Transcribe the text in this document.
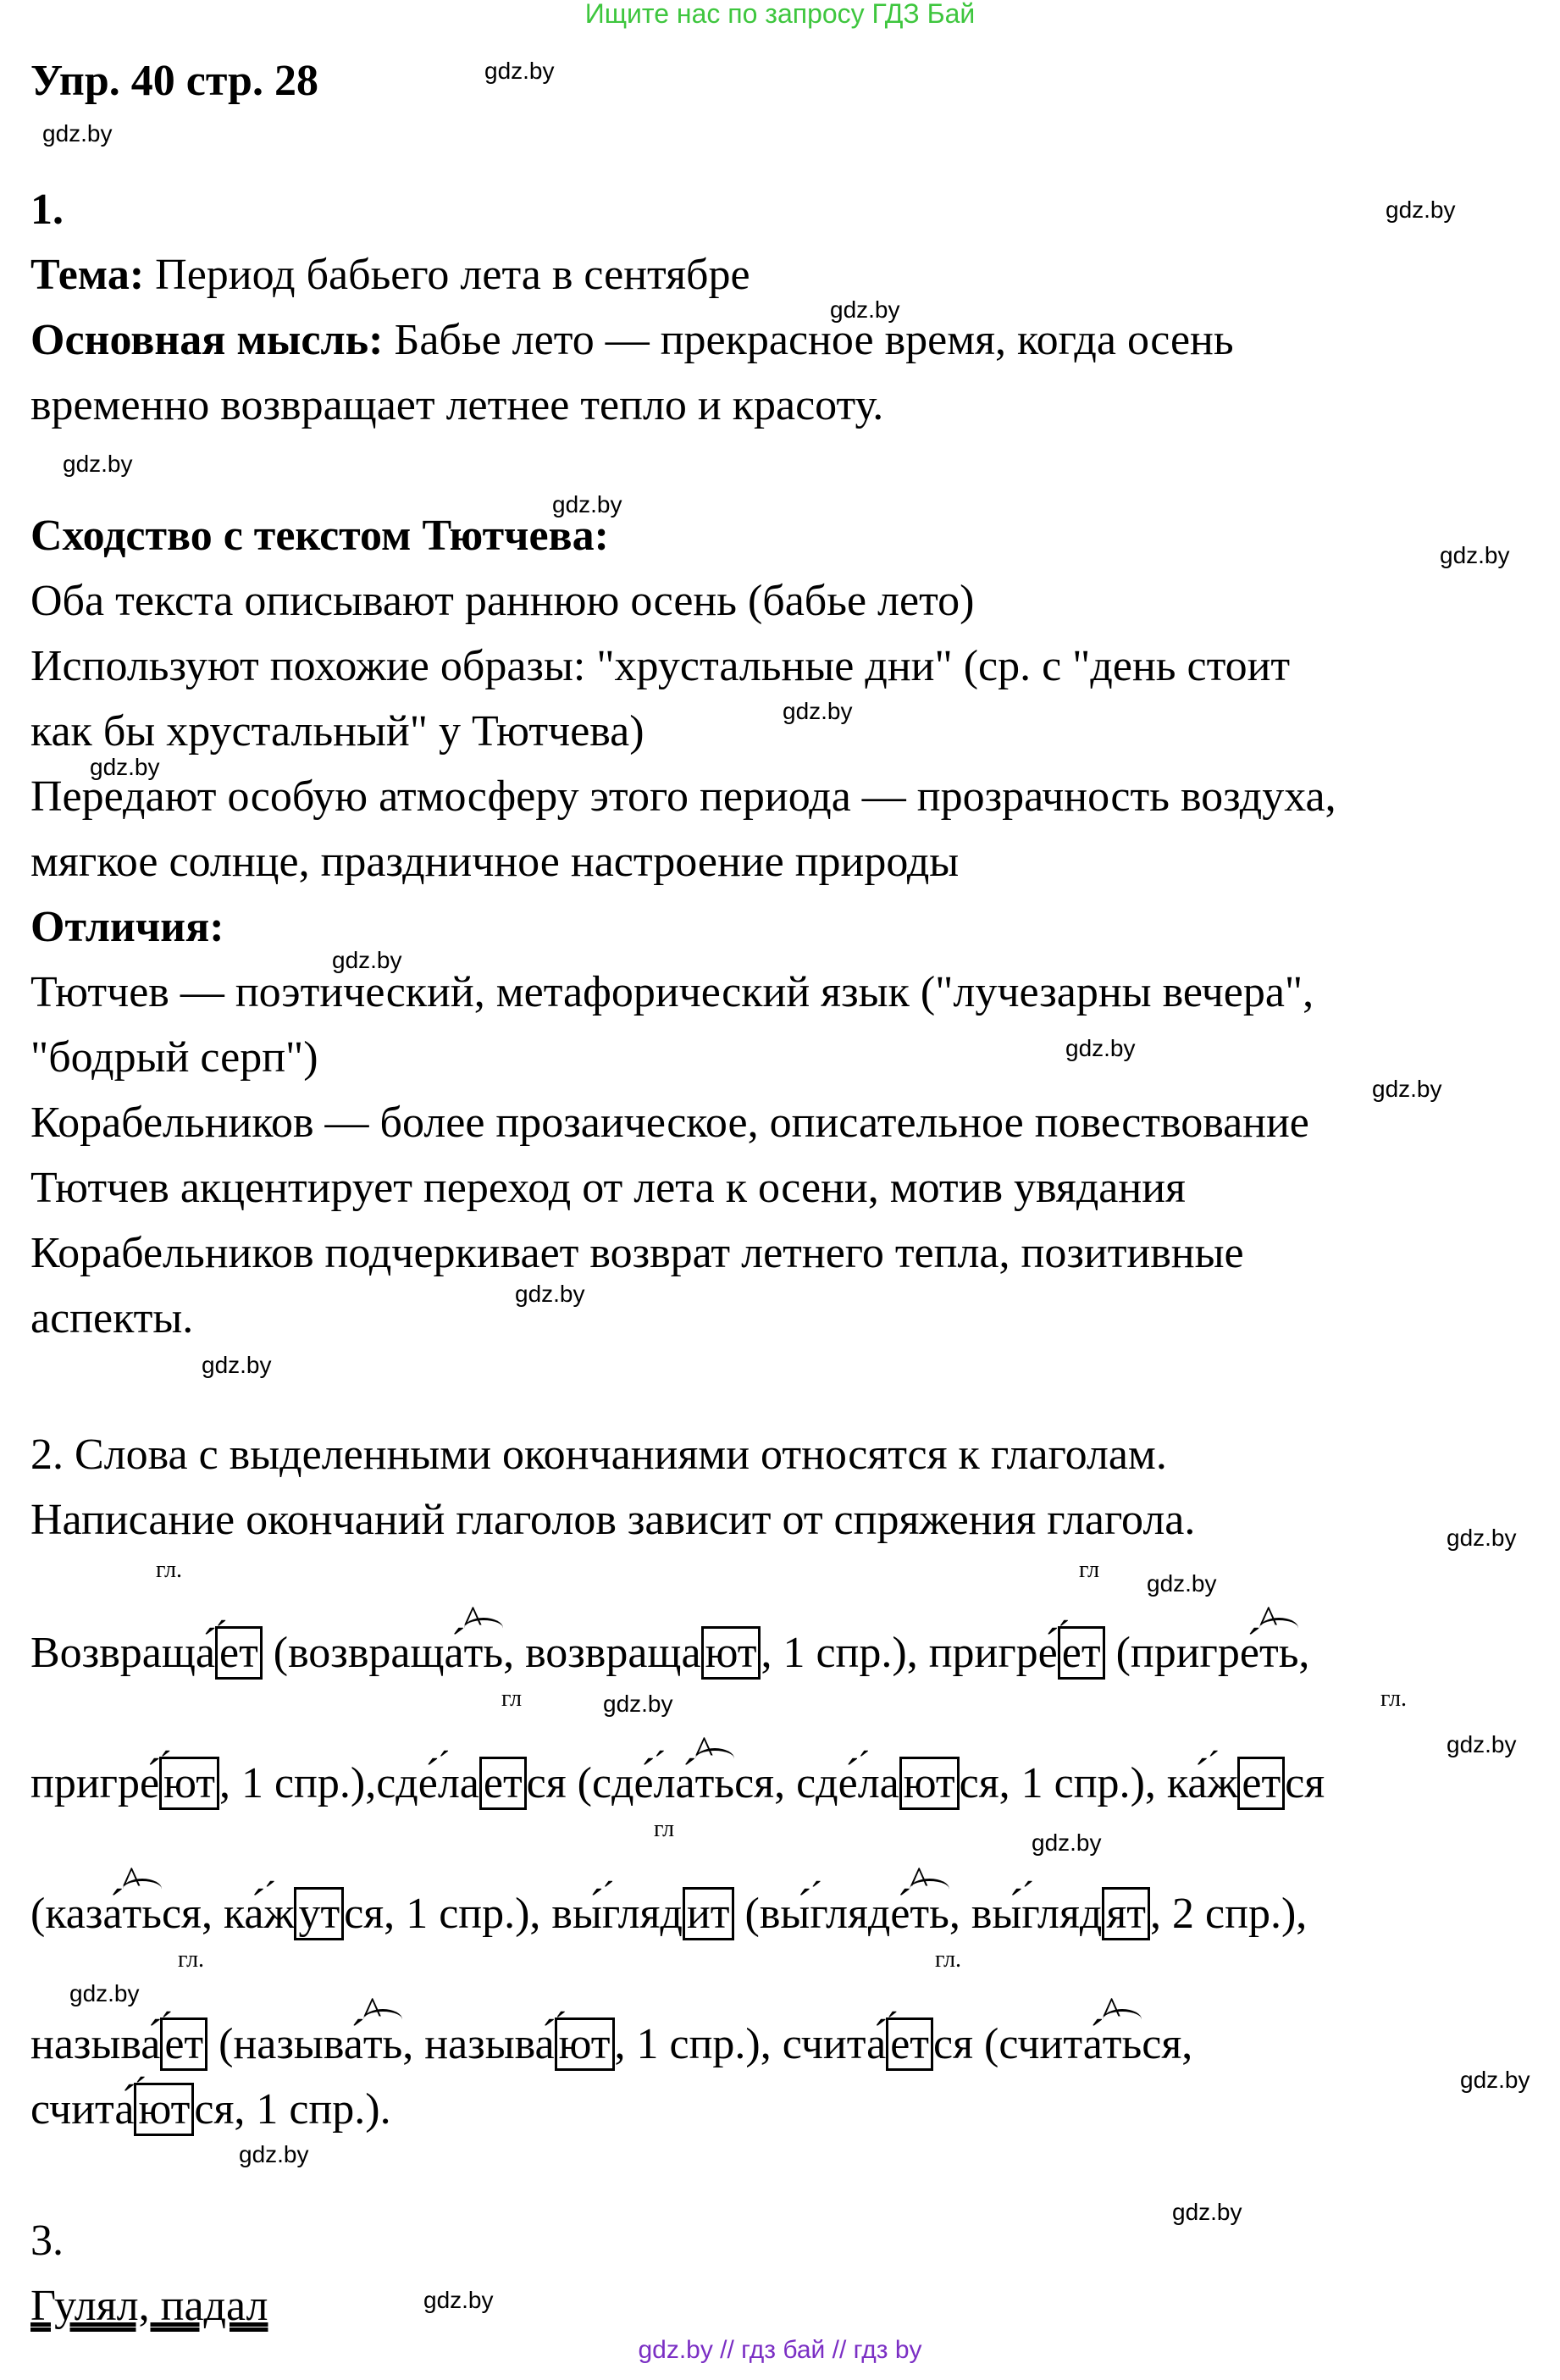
Ищите нас по запросу ГДЗ Бай
Упр. 40 стр. 28
1.
Тема: Период бабьего лета в сентябре
Основная мысль: Бабье лето — прекрасное время, когда осень
временно возвращает летнее тепло и красоту.
Сходство с текстом Тютчева:
Оба текста описывают раннюю осень (бабье лето)
Используют похожие образы: "хрустальные дни" (ср. с "день стоит
как бы хрустальный" у Тютчева)
Передают особую атмосферу этого периода — прозрачность воздуха,
мягкое солнце, праздничное настроение природы
Отличия:
Тютчев — поэтический, метафорический язык ("лучезарны вечера",
"бодрый серп")
Корабельников — более прозаическое, описательное повествование
Тютчев акцентирует переход от лета к осени, мотив увядания
Корабельников подчеркивает возврат летнего тепла, позитивные
аспекты.
2. Слова с выделенными окончаниями относятся к глаголам.
Написание окончаний глаголов зависит от спряжения глагола.
гл.	гл
Возвращает (возвращать, возвращают, 1 спр.), пригреет (пригреть,
гл	гл.
пригреют, 1 спр.),сделается (сделаться, сделаются, 1 спр.), кажется
гл
(казаться, кажутся, 1 спр.), выглядит (выглядеть, выглядят, 2 спр.),
гл.	гл.
называет (называть, называют, 1 спр.), считается (считаться,
считаются, 1 спр.).
3.
Гулял, падал
gdz.by
gdz.by
gdz.by
gdz.by
gdz.by
gdz.by
gdz.by
gdz.by
gdz.by
gdz.by
gdz.by
gdz.by
gdz.by
gdz.by
gdz.by
gdz.by
gdz.by
gdz.by
gdz.by
gdz.by
gdz.by
gdz.by
gdz.by
gdz.by
gdz.by // гдз бай // гдз by
